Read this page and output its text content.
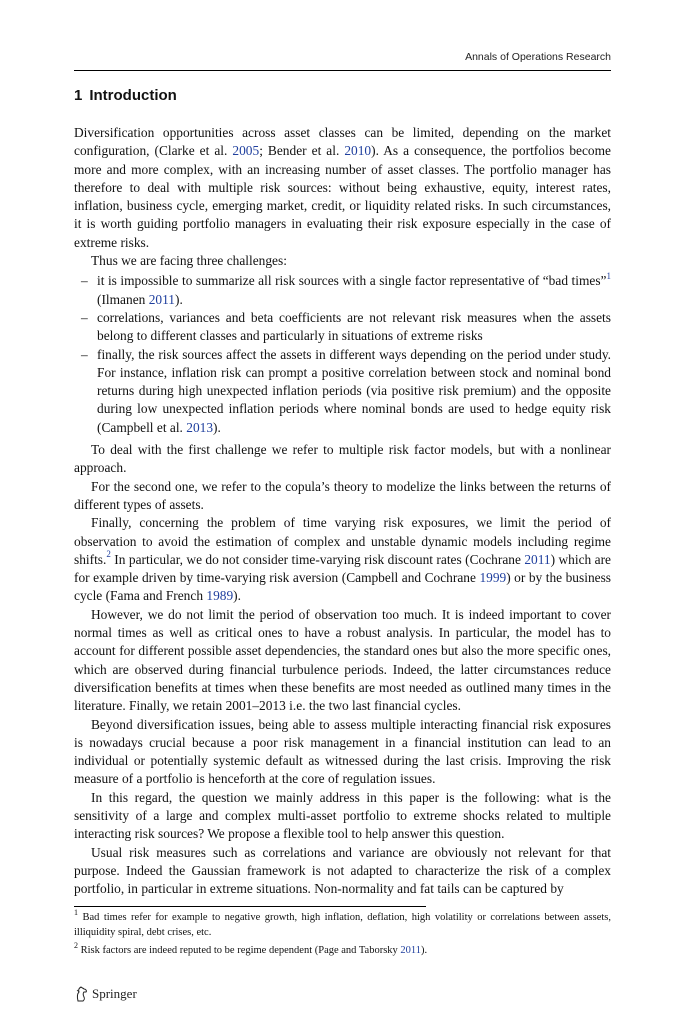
Annals of Operations Research
1 Introduction

Diversification opportunities across asset classes can be limited, depending on the market configuration, (Clarke et al. 2005; Bender et al. 2010). As a consequence, the portfolios become more and more complex, with an increasing number of asset classes. The portfolio manager has therefore to deal with multiple risk sources: without being exhaustive, equity, interest rates, inflation, business cycle, emerging market, credit, or liquidity related risks. In such circumstances, it is worth guiding portfolio managers in evaluating their risk exposure especially in the case of extreme risks.

Thus we are facing three challenges:

– it is impossible to summarize all risk sources with a single factor representative of “bad times”$^1$ (Ilmanen 2011).
– correlations, variances and beta coefficients are not relevant risk measures when the assets belong to different classes and particularly in situations of extreme risks
– finally, the risk sources affect the assets in different ways depending on the period under study. For instance, inflation risk can prompt a positive correlation between stock and nominal bond returns during high unexpected inflation periods (via positive risk premium) and the opposite during low unexpected inflation periods where nominal bonds are used to hedge equity risk (Campbell et al. 2013).

To deal with the first challenge we refer to multiple risk factor models, but with a nonlinear approach.

For the second one, we refer to the copula’s theory to modelize the links between the returns of different types of assets.

Finally, concerning the problem of time varying risk exposures, we limit the period of observation to avoid the estimation of complex and unstable dynamic models including regime shifts.$^2$ In particular, we do not consider time-varying risk discount rates (Cochrane 2011) which are for example driven by time-varying risk aversion (Campbell and Cochrane 1999) or by the business cycle (Fama and French 1989).

However, we do not limit the period of observation too much. It is indeed important to cover normal times as well as critical ones to have a robust analysis. In particular, the model has to account for different possible asset dependencies, the standard ones but also the more specific ones, which are observed during financial turbulence periods. Indeed, the latter circumstances reduce diversification benefits at times when these benefits are most needed as outlined many times in the literature. Finally, we retain 2001–2013 i.e. the two last financial cycles.

Beyond diversification issues, being able to assess multiple interacting financial risk exposures is nowadays crucial because a poor risk management in a financial institution can lead to an individual or potentially systemic default as witnessed during the last crisis. Improving the risk measure of a portfolio is henceforth at the core of regulation issues.

In this regard, the question we mainly address in this paper is the following: what is the sensitivity of a large and complex multi-asset portfolio to extreme shocks related to multiple interacting risk sources? We propose a flexible tool to help answer this question.

Usual risk measures such as correlations and variance are obviously not relevant for that purpose. Indeed the Gaussian framework is not adapted to characterize the risk of a complex portfolio, in particular in extreme situations. Non-normality and fat tails can be captured by

$^1$ Bad times refer for example to negative growth, high inflation, deflation, high volatility or correlations between assets, illiquidity spiral, debt crises, etc.

$^2$ Risk factors are indeed reputed to be regime dependent (Page and Taborsky 2011).

Springer
